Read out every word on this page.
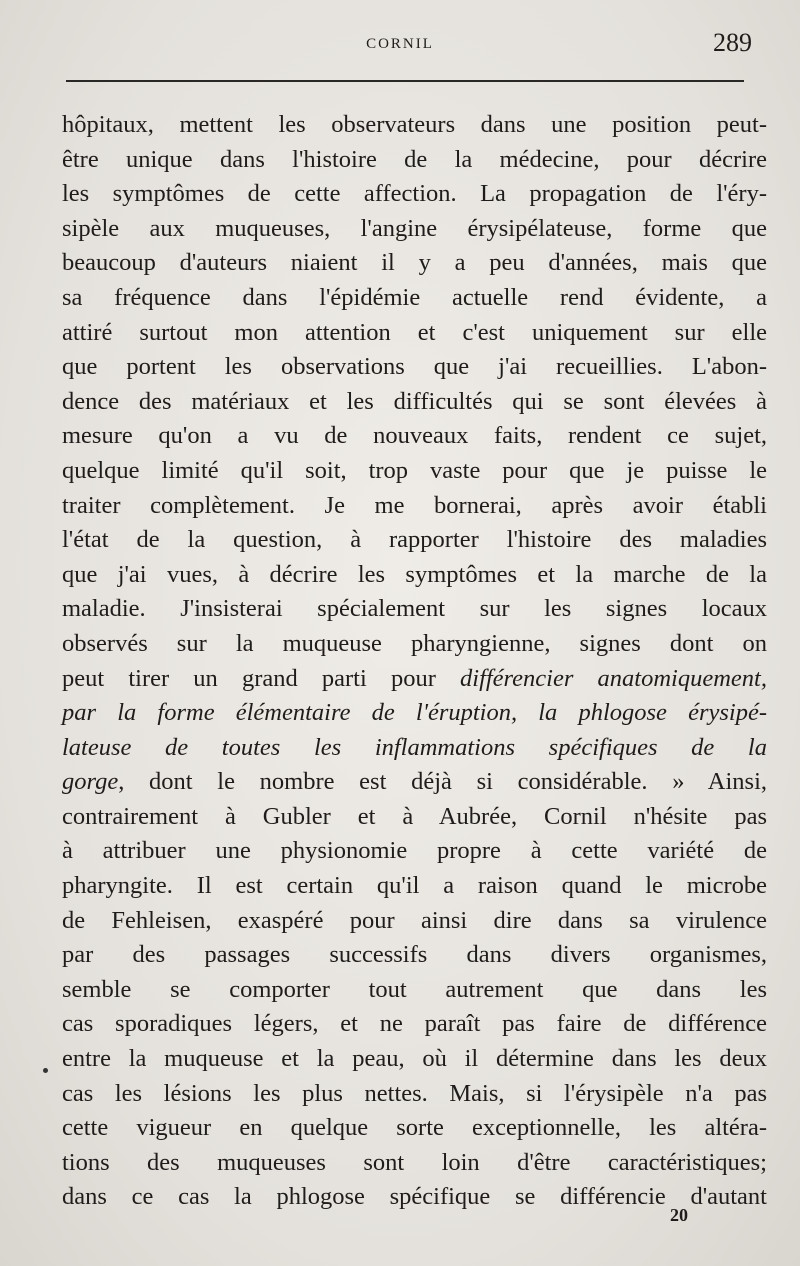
CORNIL	289
hôpitaux, mettent les observateurs dans une position peut-
être unique dans l'histoire de la médecine, pour décrire
les symptômes de cette affection. La propagation de l'éry-
sipèle aux muqueuses, l'angine érysipélateuse, forme que
beaucoup d'auteurs niaient il y a peu d'années, mais que
sa fréquence dans l'épidémie actuelle rend évidente, a
attiré surtout mon attention et c'est uniquement sur elle
que portent les observations que j'ai recueillies. L'abon-
dence des matériaux et les difficultés qui se sont élevées à
mesure qu'on a vu de nouveaux faits, rendent ce sujet,
quelque limité qu'il soit, trop vaste pour que je puisse le
traiter complètement. Je me bornerai, après avoir établi
l'état de la question, à rapporter l'histoire des maladies
que j'ai vues, à décrire les symptômes et la marche de la
maladie. J'insisterai spécialement sur les signes locaux
observés sur la muqueuse pharyngienne, signes dont on
peut tirer un grand parti pour différencier anatomiquement,
par la forme élémentaire de l'éruption, la phlogose érysipé-
lateuse de toutes les inflammations spécifiques de la
gorge, dont le nombre est déjà si considérable. » Ainsi,
contrairement à Gubler et à Aubrée, Cornil n'hésite pas
à attribuer une physionomie propre à cette variété de
pharyngite. Il est certain qu'il a raison quand le microbe
de Fehleisen, exaspéré pour ainsi dire dans sa virulence
par des passages successifs dans divers organismes,
semble se comporter tout autrement que dans les
cas sporadiques légers, et ne paraît pas faire de différence
entre la muqueuse et la peau, où il détermine dans les deux
cas les lésions les plus nettes. Mais, si l'érysipèle n'a pas
cette vigueur en quelque sorte exceptionnelle, les altéra-
tions des muqueuses sont loin d'être caractéristiques;
dans ce cas la phlogose spécifique se différencie d'autant
20
